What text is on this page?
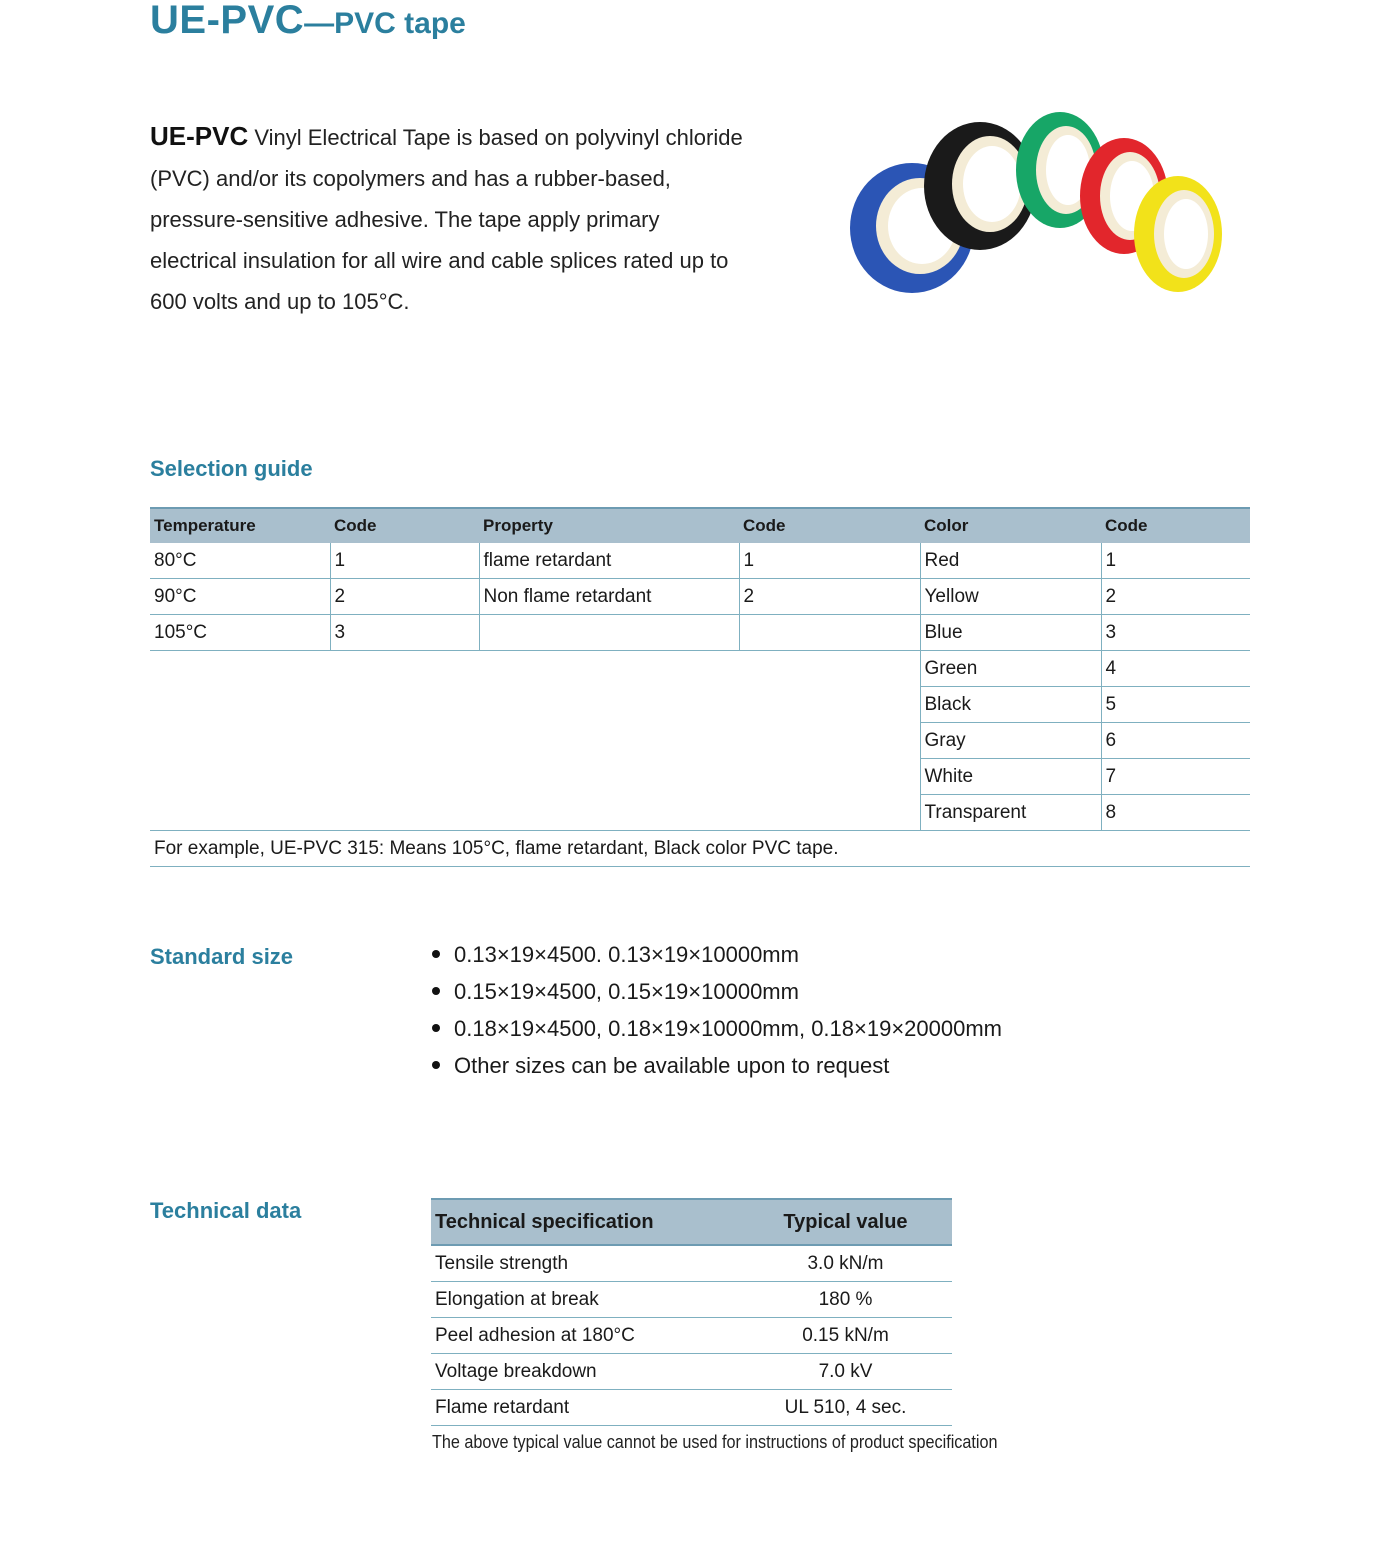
UE-PVC—PVC tape
UE-PVC Vinyl Electrical Tape is based on polyvinyl chloride (PVC) and/or its copolymers and has a rubber-based, pressure-sensitive adhesive. The tape apply primary electrical insulation for all wire and cable splices rated up to 600 volts and up to 105°C.
Selection guide
Temperature	Code	Property	Code	Color	Code
80°C	1	flame retardant	1	Red	1
90°C	2	Non flame retardant	2	Yellow	2
105°C	3			Blue	3
				Green	4
				Black	5
				Gray	6
				White	7
				Transparent	8
For example, UE-PVC 315: Means 105°C, flame retardant, Black color PVC tape.					
Standard size	0.13×19×4500. 0.13×19×10000mm
0.15×19×4500, 0.15×19×10000mm
0.18×19×4500, 0.18×19×10000mm, 0.18×19×20000mm
Other sizes can be available upon to request
Technical data	Technical specification	Typical value
Tensile strength	3.0 kN/m
Elongation at break	180 %
Peel adhesion at 180°C	0.15 kN/m
Voltage breakdown	7.0 kV
Flame retardant	UL 510, 4 sec.
The above typical value cannot be used for instructions of product specification
